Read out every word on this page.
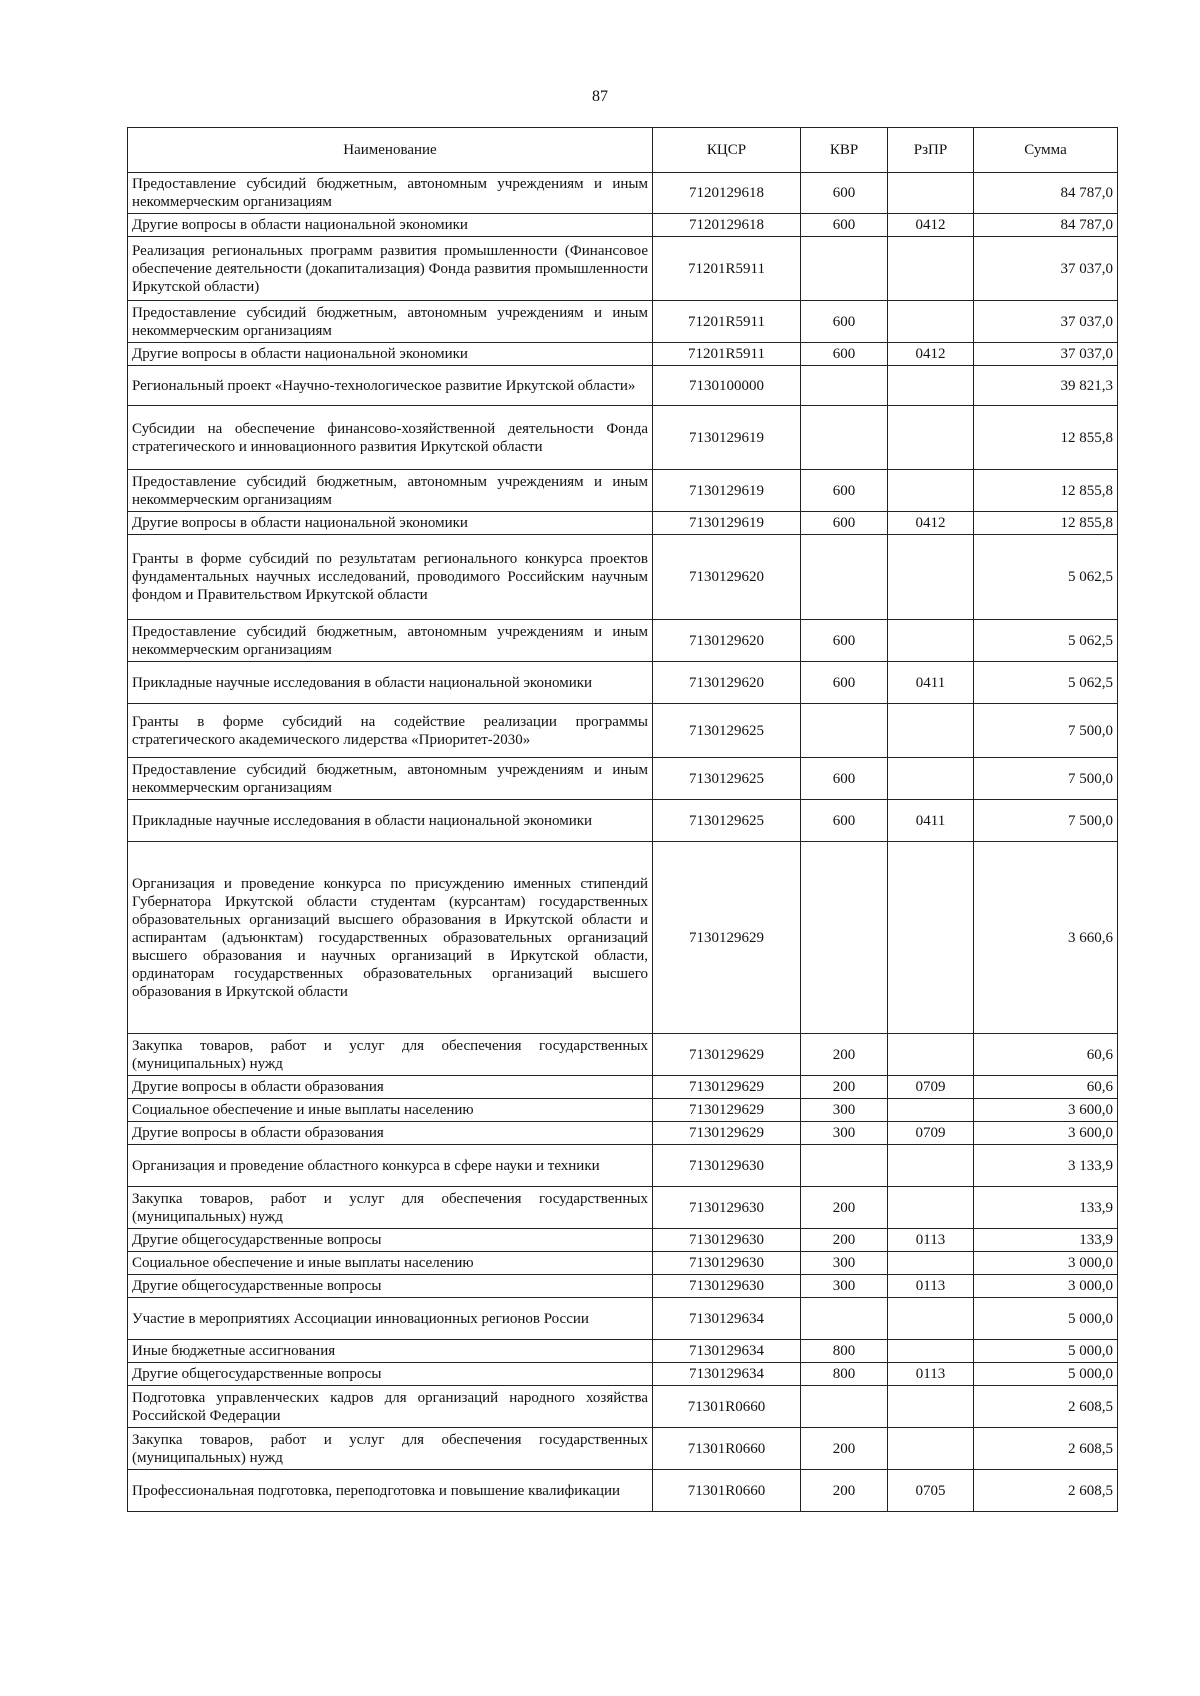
87
Наименование	КЦСР	КВР	РзПР	Сумма
Предоставление субсидий бюджетным, автономным учреждениям и иным некоммерческим организациям	7120129618	600		84 787,0
Другие вопросы в области национальной экономики	7120129618	600	0412	84 787,0
Реализация региональных программ развития промышленности (Финансовое обеспечение деятельности (докапитализация) Фонда развития промышленности Иркутской области)	71201R5911			37 037,0
Предоставление субсидий бюджетным, автономным учреждениям и иным некоммерческим организациям	71201R5911	600		37 037,0
Другие вопросы в области национальной экономики	71201R5911	600	0412	37 037,0
Региональный проект «Научно-технологическое развитие Иркутской области»	7130100000			39 821,3
Субсидии на обеспечение финансово-хозяйственной деятельности Фонда стратегического и инновационного развития Иркутской области	7130129619			12 855,8
Предоставление субсидий бюджетным, автономным учреждениям и иным некоммерческим организациям	7130129619	600		12 855,8
Другие вопросы в области национальной экономики	7130129619	600	0412	12 855,8
Гранты в форме субсидий по результатам регионального конкурса проектов фундаментальных научных исследований, проводимого Российским научным фондом и Правительством Иркутской области	7130129620			5 062,5
Предоставление субсидий бюджетным, автономным учреждениям и иным некоммерческим организациям	7130129620	600		5 062,5
Прикладные научные исследования в области национальной экономики	7130129620	600	0411	5 062,5
Гранты в форме субсидий на содействие реализации программы стратегического академического лидерства «Приоритет-2030»	7130129625			7 500,0
Предоставление субсидий бюджетным, автономным учреждениям и иным некоммерческим организациям	7130129625	600		7 500,0
Прикладные научные исследования в области национальной экономики	7130129625	600	0411	7 500,0
Организация и проведение конкурса по присуждению именных стипендий Губернатора Иркутской области студентам (курсантам) государственных образовательных организаций высшего образования в Иркутской области и аспирантам (адъюнктам) государственных образовательных организаций высшего образования и научных организаций в Иркутской области, ординаторам государственных образовательных организаций высшего образования в Иркутской области	7130129629			3 660,6
Закупка товаров, работ и услуг для обеспечения государственных (муниципальных) нужд	7130129629	200		60,6
Другие вопросы в области образования	7130129629	200	0709	60,6
Социальное обеспечение и иные выплаты населению	7130129629	300		3 600,0
Другие вопросы в области образования	7130129629	300	0709	3 600,0
Организация и проведение областного конкурса в сфере науки и техники	7130129630			3 133,9
Закупка товаров, работ и услуг для обеспечения государственных (муниципальных) нужд	7130129630	200		133,9
Другие общегосударственные вопросы	7130129630	200	0113	133,9
Социальное обеспечение и иные выплаты населению	7130129630	300		3 000,0
Другие общегосударственные вопросы	7130129630	300	0113	3 000,0
Участие в мероприятиях Ассоциации инновационных регионов России	7130129634			5 000,0
Иные бюджетные ассигнования	7130129634	800		5 000,0
Другие общегосударственные вопросы	7130129634	800	0113	5 000,0
Подготовка управленческих кадров для организаций народного хозяйства Российской Федерации	71301R0660			2 608,5
Закупка товаров, работ и услуг для обеспечения государственных (муниципальных) нужд	71301R0660	200		2 608,5
Профессиональная подготовка, переподготовка и повышение квалификации	71301R0660	200	0705	2 608,5
